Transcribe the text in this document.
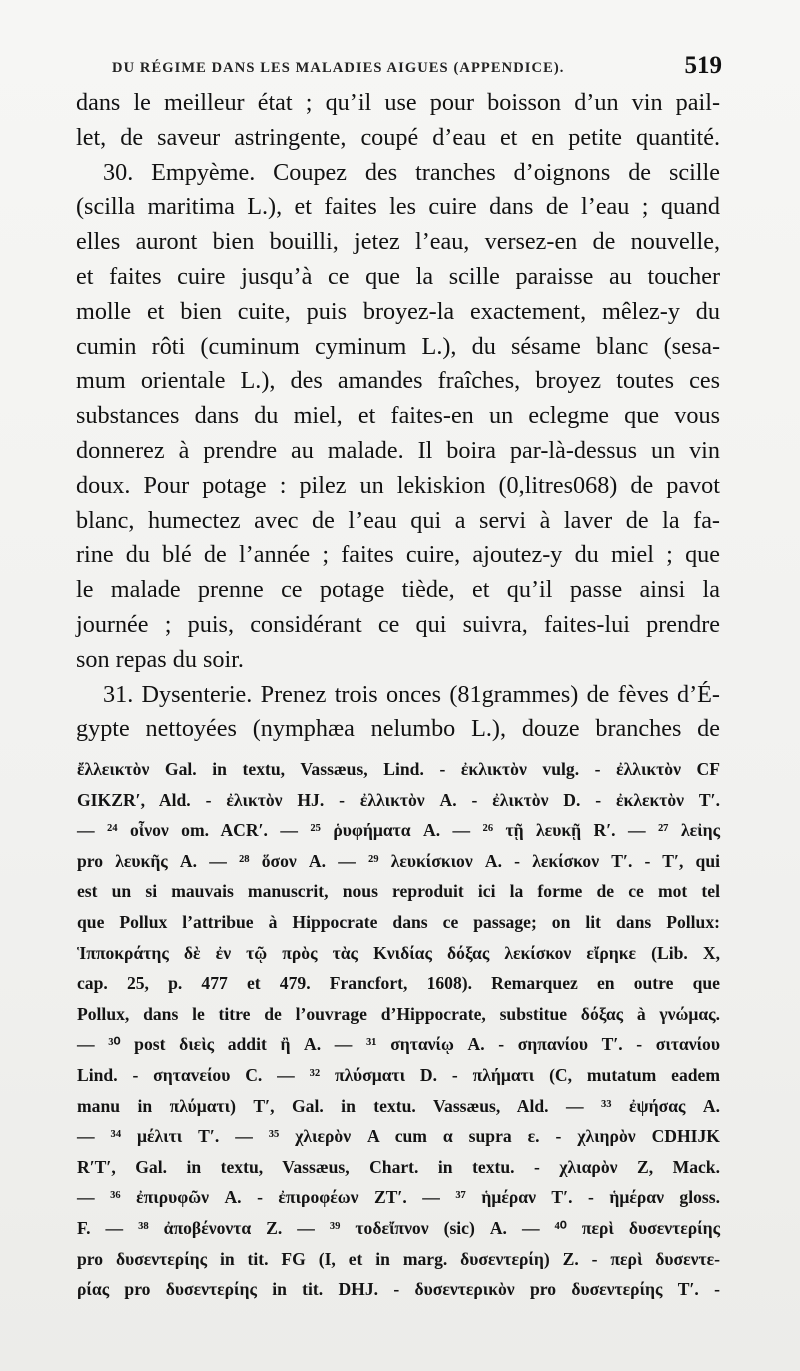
DU RÉGIME DANS LES MALADIES AIGUES (APPENDICE).	519
dans le meilleur état ; qu’il use pour boisson d’un vin pail-
let, de saveur astringente, coupé d’eau et en petite quantité.
30. Empyème. Coupez des tranches d’oignons de scille
(scilla maritima L.), et faites les cuire dans de l’eau ; quand
elles auront bien bouilli, jetez l’eau, versez-en de nouvelle,
et faites cuire jusqu’à ce que la scille paraisse au toucher
molle et bien cuite, puis broyez-la exactement, mêlez-y du
cumin rôti (cuminum cyminum L.), du sésame blanc (sesa-
mum orientale L.), des amandes fraîches, broyez toutes ces
substances dans du miel, et faites-en un eclegme que vous
donnerez à prendre au malade. Il boira par-là-dessus un vin
doux. Pour potage : pilez un lekiskion (0,litres068) de pavot
blanc, humectez avec de l’eau qui a servi à laver de la fa-
rine du blé de l’année ; faites cuire, ajoutez-y du miel ; que
le malade prenne ce potage tiède, et qu’il passe ainsi la
journée ; puis, considérant ce qui suivra, faites-lui prendre
son repas du soir.
31. Dysenterie. Prenez trois onces (81grammes) de fèves d’É-
gypte nettoyées (nymphæa nelumbo L.), douze branches de
ἔλλεικτὸν Gal. in textu, Vassæus, Lind. - ἐκλικτὸν vulg. - ἐλλικτὸν CF
GIKZR′, Ald. - ἐλικτὸν HJ. - ἐλλικτὸν A. - ἐλικτὸν D. - ἐκλεκτὸν T′.
— ²⁴ οἶνον om. ACR′. — ²⁵ ῥυφήματα A. — ²⁶ τῇ λευκῇ R′. — ²⁷ λεἰης
pro λευκῆς A. — ²⁸ ὅσον A. — ²⁹ λευκίσκιον A. - λεκίσκον T′. - T′, qui
est un si mauvais manuscrit, nous reproduit ici la forme de ce mot tel
que Pollux l’attribue à Hippocrate dans ce passage; on lit dans Pollux:
Ἱπποκράτης δὲ ἐν τῷ πρὸς τὰς Κνιδίας δόξας λεκίσκον εἴρηκε (Lib. X,
cap. 25, p. 477 et 479. Francfort, 1608). Remarquez en outre que
Pollux, dans le titre de l’ouvrage d’Hippocrate, substitue δόξας à γνώμας.
— ³⁰ post διεὶς addit ἢ A. — ³¹ σητανίῳ A. - σηπανίου T′. - σιτανίου
Lind. - σηταvείου C. — ³² πλύσματι D. - πλήματι (C, mutatum eadem
manu in πλύματι) T′, Gal. in textu. Vassæus, Ald. — ³³ ἐψήσας A.
— ³⁴ μέλιτι T′. — ³⁵ χλιερὸν A cum α supra ε. - χλιηρὸν CDHIJK
R′T′, Gal. in textu, Vassæus, Chart. in textu. - χλιαρὸν Z, Mack.
— ³⁶ ἐπιρυφῶν A. - ἐπιροφέων ZT′. — ³⁷ ἡμέραν T′. - ἡμέραν gloss.
F. — ³⁸ ἀποβένοντα Z. — ³⁹ τοδεἴπνον (sic) A. — ⁴⁰ περὶ δυσεντερίης
pro δυσεντερίης in tit. FG (I, et in marg. δυσεντερίη) Z. - περὶ δυσεντε-
ρίας pro δυσεντερίης in tit. DHJ. - δυσεντερικὸν pro δυσεντερίης T′. -
